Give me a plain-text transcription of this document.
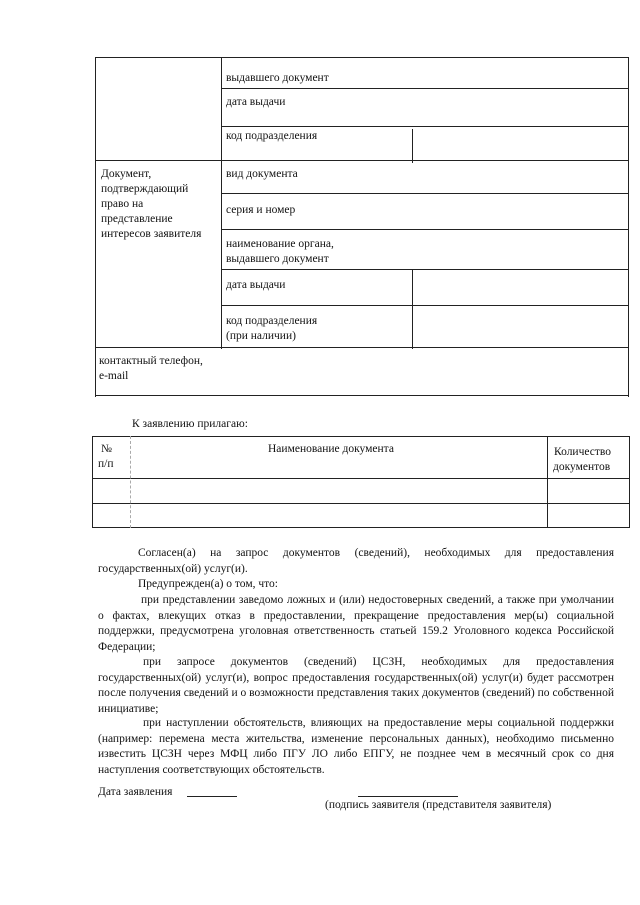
выдавшего документ
дата выдачи
код подразделения
вид документа
серия и номер
наименование органа,
выдавшего документ
дата выдачи
код подразделения
(при наличии)
Документ,
подтверждающий
право на
представление
интересов заявителя
контактный телефон,
e-mail
К заявлению прилагаю:
№
п/п
Наименование документа	Количество
документов
Согласен(а) на запрос документов (сведений), необходимых для предоставления государственных(ой) услуг(и).
Предупрежден(а) о том, что:
при представлении заведомо ложных и (или) недостоверных сведений, а также при умолчании о фактах, влекущих отказ в предоставлении, прекращение предоставления мер(ы) социальной поддержки, предусмотрена уголовная ответственность статьей 159.2 Уголовного кодекса Российской Федерации;
при запросе документов (сведений) ЦСЗН, необходимых для предоставления государственных(ой) услуг(и), вопрос предоставления государственных(ой) услуг(и) будет рассмотрен после получения сведений и о возможности представления таких документов (сведений) по собственной инициативе;
при наступлении обстоятельств, влияющих на предоставление меры социальной поддержки (например: перемена места жительства, изменение персональных данных), необходимо письменно известить ЦСЗН через МФЦ либо ПГУ ЛО либо ЕПГУ, не позднее чем в месячный срок со дня наступления соответствующих обстоятельств.
Дата заявления
(подпись заявителя (представителя заявителя)
